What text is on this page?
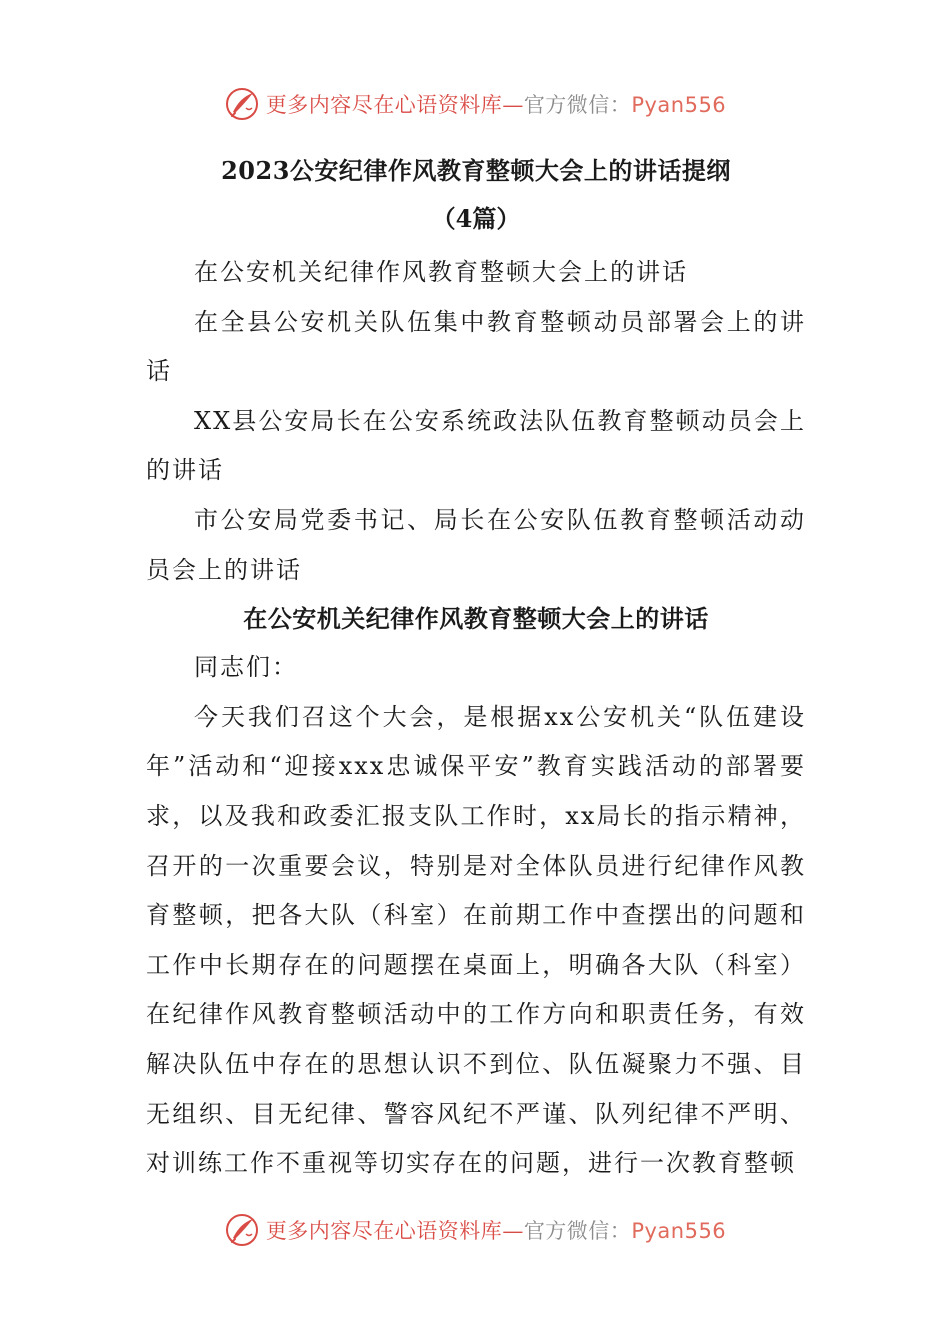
更多内容尽在心语资料库—官方微信：Pyan556
2023公安纪律作风教育整顿大会上的讲话提纲

（4篇）

在公安机关纪律作风教育整顿大会上的讲话

在全县公安机关队伍集中教育整顿动员部署会上的讲话

XX县公安局长在公安系统政法队伍教育整顿动员会上的讲话

市公安局党委书记、局长在公安队伍教育整顿活动动员会上的讲话

在公安机关纪律作风教育整顿大会上的讲话

同志们：

今天我们召这个大会，是根据xx公安机关“队伍建设年”活动和“迎接xxx忠诚保平安”教育实践活动的部署要求，以及我和政委汇报支队工作时，xx局长的指示精神，召开的一次重要会议，特别是对全体队员进行纪律作风教育整顿，把各大队（科室）在前期工作中查摆出的问题和工作中长期存在的问题摆在桌面上，明确各大队（科室）在纪律作风教育整顿活动中的工作方向和职责任务，有效解决队伍中存在的思想认识不到位、队伍凝聚力不强、目无组织、目无纪律、警容风纪不严谨、队列纪律不严明、对训练工作不重视等切实存在的问题，进行一次教育整顿

更多内容尽在心语资料库—官方微信：Pyan556
